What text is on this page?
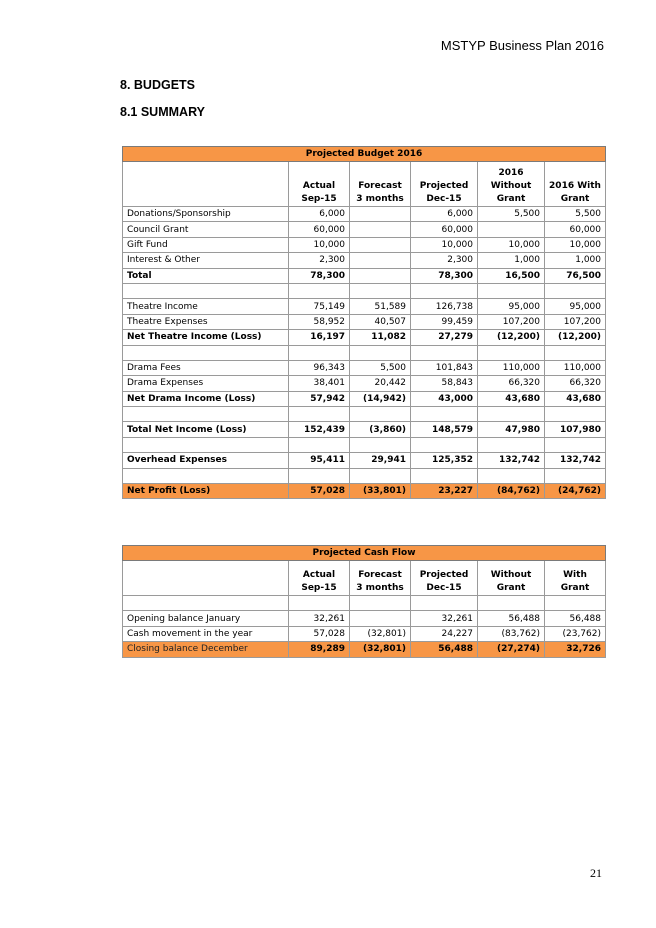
MSTYP Business Plan 2016
8. BUDGETS
8.1 SUMMARY
Projected Budget 2016					
	Actual Sep-15	Forecast 3 months	Projected Dec-15	2016 Without Grant	2016 With Grant
Donations/Sponsorship	6,000		6,000	5,500	5,500
Council Grant	60,000		60,000		60,000
Gift Fund	10,000		10,000	10,000	10,000
Interest & Other	2,300		2,300	1,000	1,000
Total	78,300		78,300	16,500	76,500

Theatre Income	75,149	51,589	126,738	95,000	95,000
Theatre Expenses	58,952	40,507	99,459	107,200	107,200
Net Theatre Income (Loss)	16,197	11,082	27,279	(12,200)	(12,200)

Drama Fees	96,343	5,500	101,843	110,000	110,000
Drama Expenses	38,401	20,442	58,843	66,320	66,320
Net Drama Income (Loss)	57,942	(14,942)	43,000	43,680	43,680

Total Net Income (Loss)	152,439	(3,860)	148,579	47,980	107,980

Overhead Expenses	95,411	29,941	125,352	132,742	132,742

Net Profit (Loss)	57,028	(33,801)	23,227	(84,762)	(24,762)
Projected Cash Flow					
	Actual Sep-15	Forecast 3 months	Projected Dec-15	Without Grant	With Grant

Opening balance January	32,261		32,261	56,488	56,488
Cash movement in the year	57,028	(32,801)	24,227	(83,762)	(23,762)
Closing balance December	89,289	(32,801)	56,488	(27,274)	32,726
21
